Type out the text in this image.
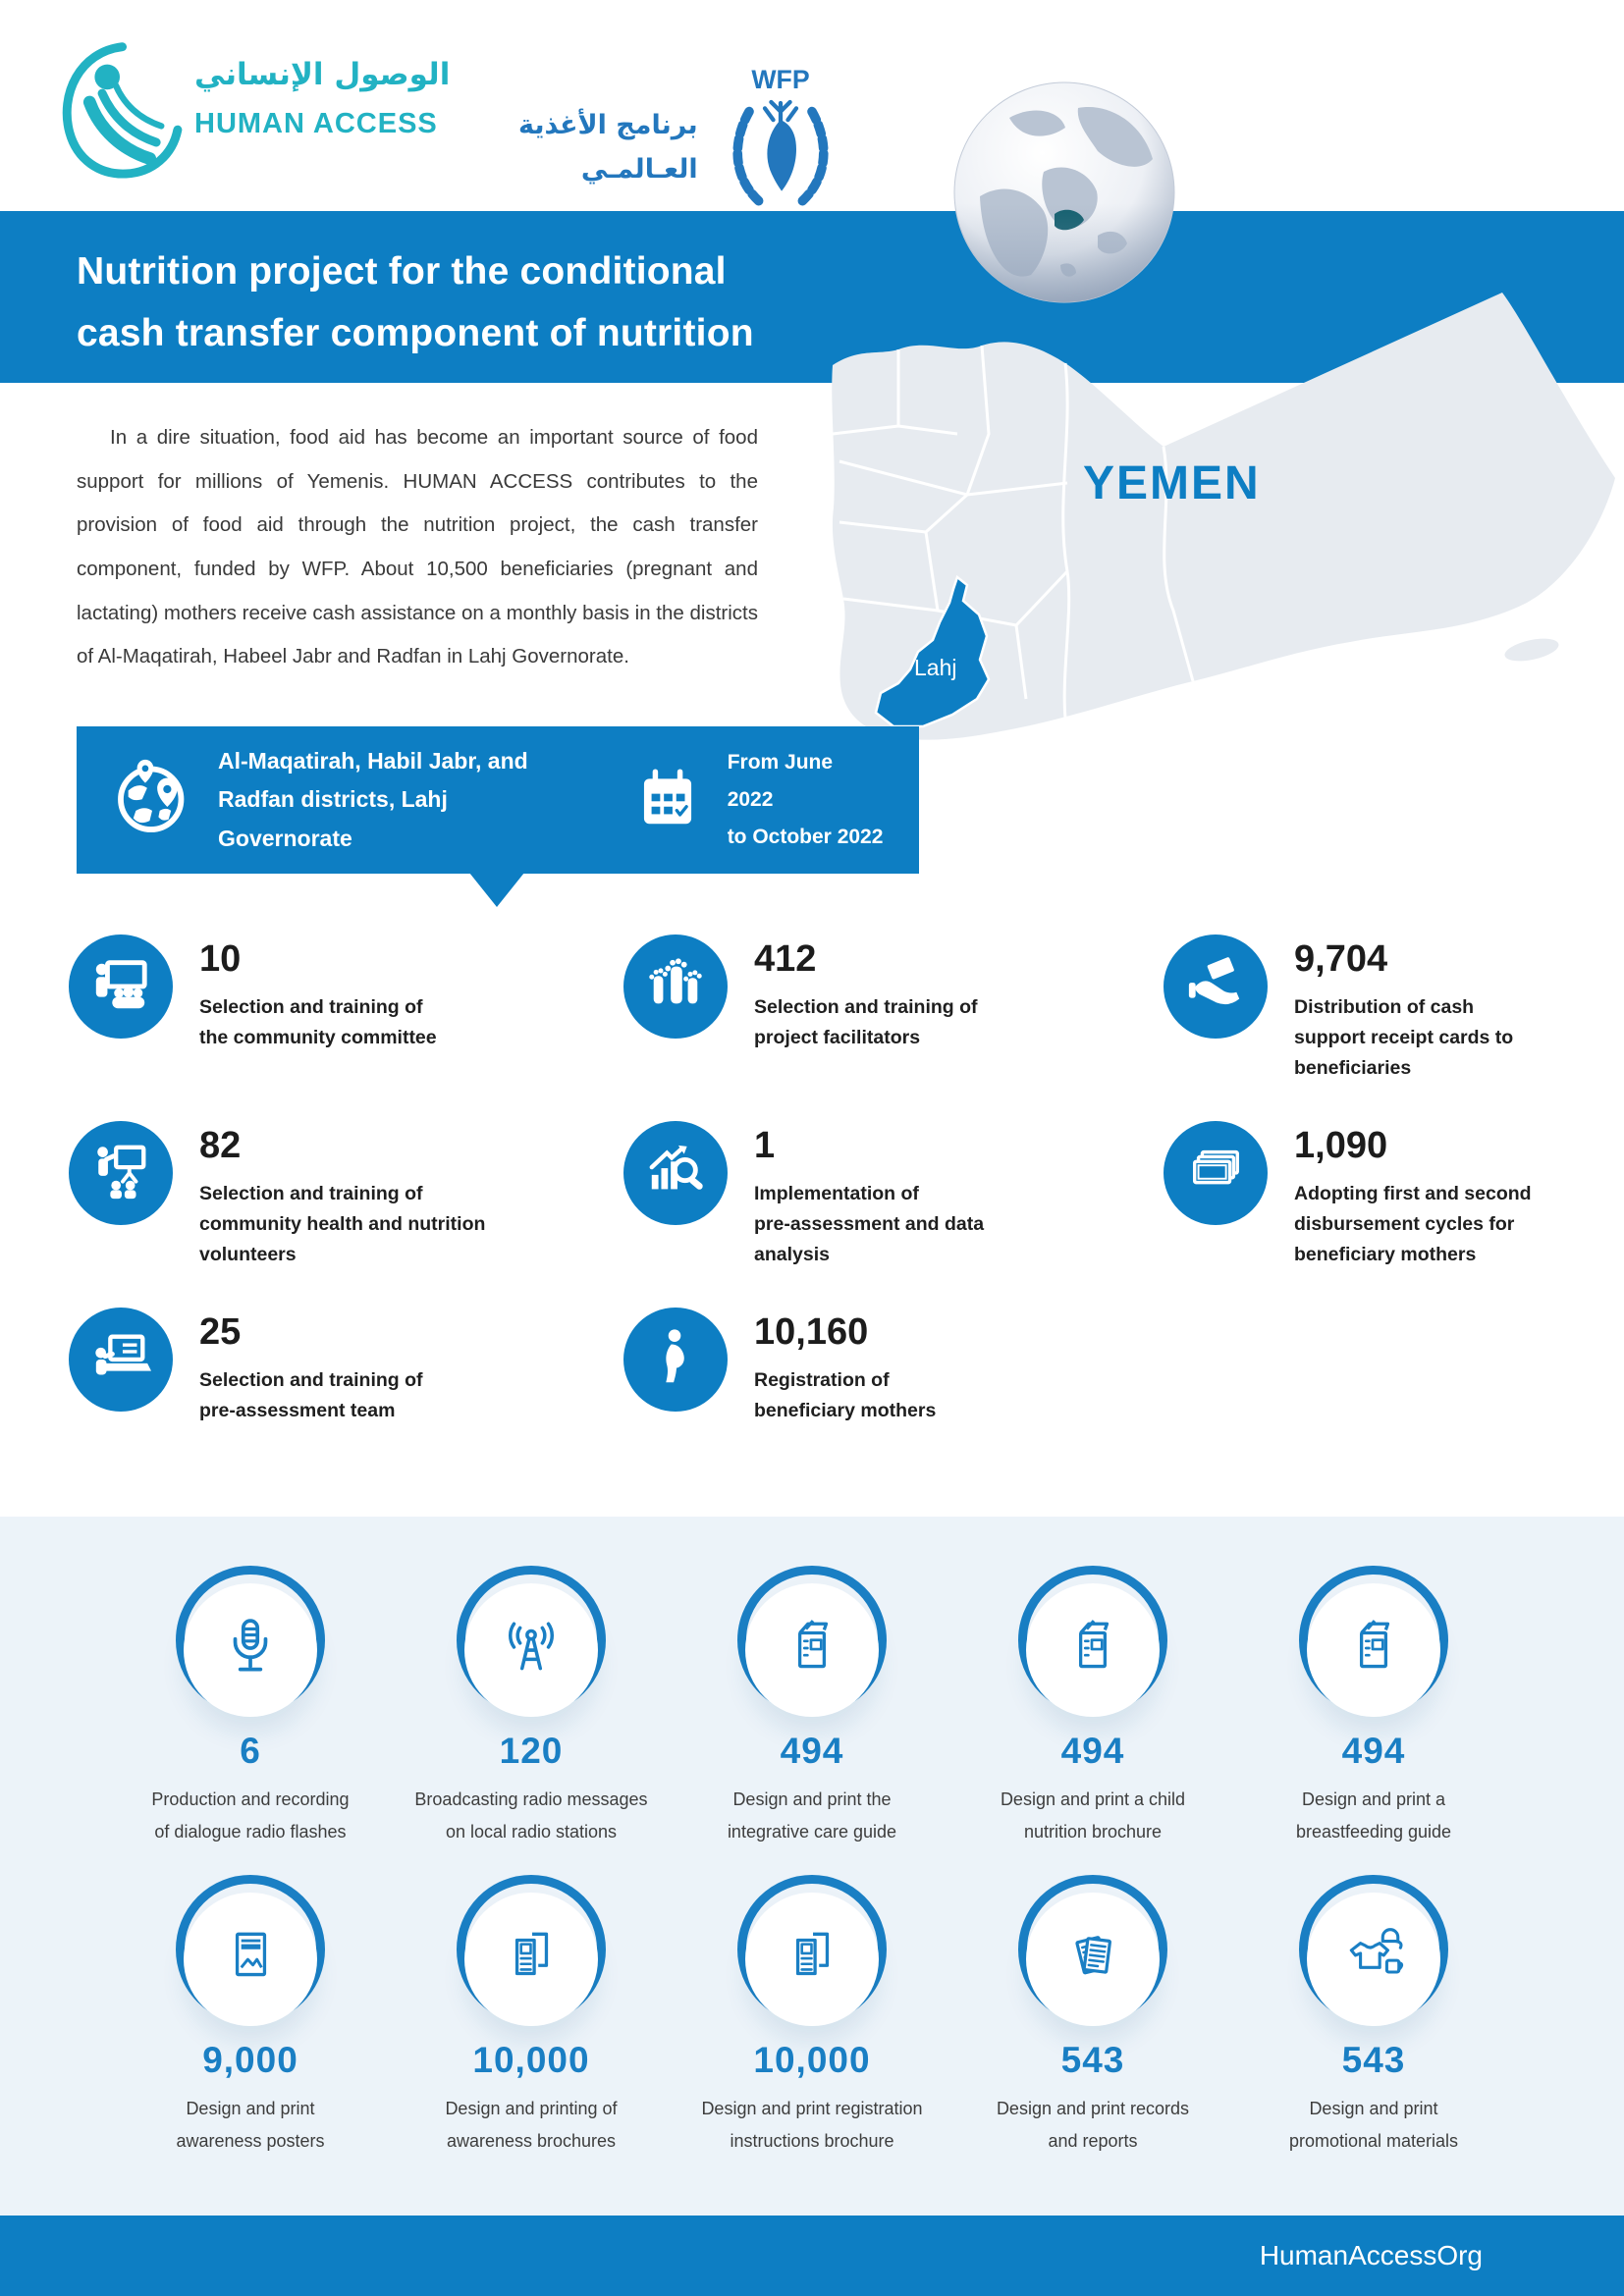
الوصول الإنساني
HUMAN ACCESS	برنامج الأغذية
العـالمـي
WFP
Nutrition project for the conditional
cash transfer component of nutrition
YEMEN
Lahj

In a dire situation, food aid has become an important source of food support for millions of Yemenis. HUMAN ACCESS contributes to the provision of food aid through the nutrition project, the cash transfer component, funded by WFP. About 10,500 beneficiaries (pregnant and lactating) mothers receive cash assistance on a monthly basis in the districts of Al-Maqatirah, Habeel Jabr and Radfan in Lahj Governorate.

Al-Maqatirah, Habil Jabr, and
Radfan districts, Lahj Governorate
From June 2022
to October 2022
10
Selection and training of
the community committee
412
Selection and training of
project facilitators
9,704
Distribution of cash
support receipt cards to
beneficiaries
82
Selection and training of
community health and nutrition
volunteers
1
Implementation of
pre-assessment and data
analysis
1,090
Adopting first and second
disbursement cycles for
beneficiary mothers
25
Selection and training of
pre-assessment team
10,160
Registration of
beneficiary mothers
6
Production and recording
of dialogue radio flashes
120
Broadcasting radio messages
on local radio stations
494
Design and print the
integrative care guide
494
Design and print a child
nutrition brochure
494
Design and print a
breastfeeding guide
9,000
Design and print
awareness posters
10,000
Design and printing of
awareness brochures
10,000
Design and print registration
instructions brochure
543
Design and print records
and reports
543
Design and print
promotional materials
HumanAccessOrg
